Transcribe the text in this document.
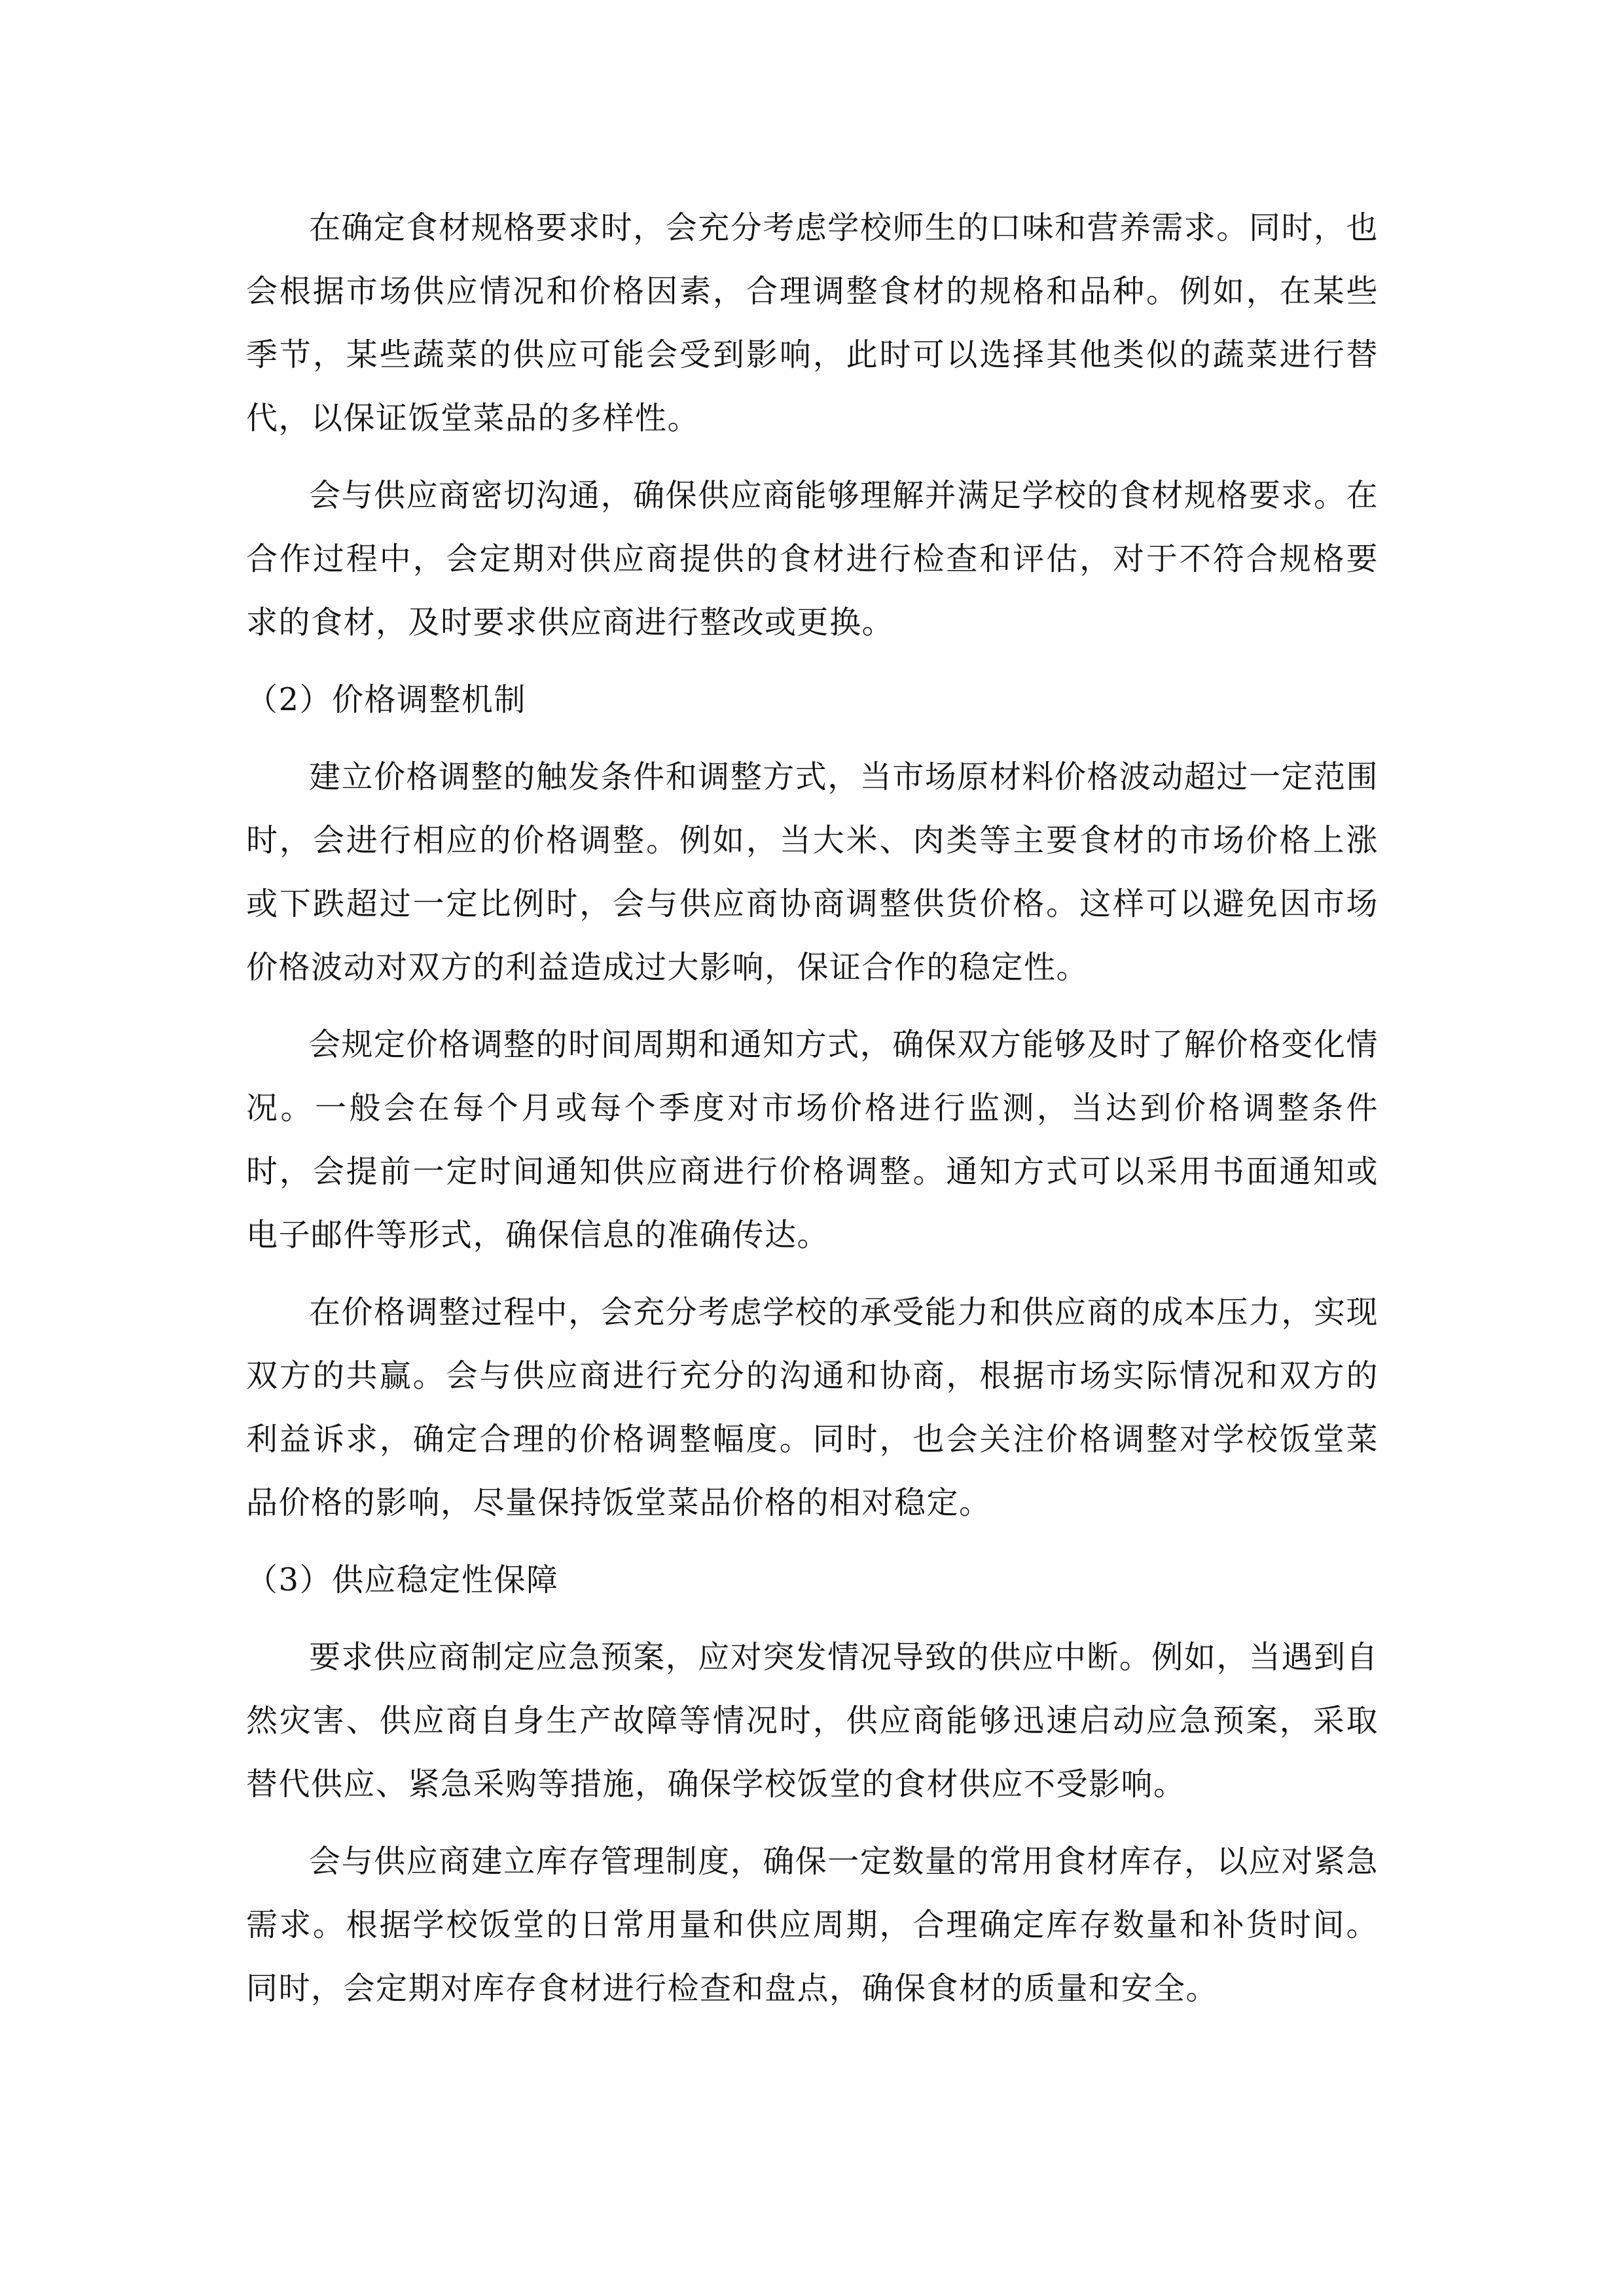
在确定食材规格要求时，会充分考虑学校师生的口味和营养需求。同时，也会根据市场供应情况和价格因素，合理调整食材的规格和品种。例如，在某些季节，某些蔬菜的供应可能会受到影响，此时可以选择其他类似的蔬菜进行替代，以保证饭堂菜品的多样性。

会与供应商密切沟通，确保供应商能够理解并满足学校的食材规格要求。在合作过程中，会定期对供应商提供的食材进行检查和评估，对于不符合规格要求的食材，及时要求供应商进行整改或更换。

（2）价格调整机制

建立价格调整的触发条件和调整方式，当市场原材料价格波动超过一定范围时，会进行相应的价格调整。例如，当大米、肉类等主要食材的市场价格上涨或下跌超过一定比例时，会与供应商协商调整供货价格。这样可以避免因市场价格波动对双方的利益造成过大影响，保证合作的稳定性。

会规定价格调整的时间周期和通知方式，确保双方能够及时了解价格变化情况。一般会在每个月或每个季度对市场价格进行监测，当达到价格调整条件时，会提前一定时间通知供应商进行价格调整。通知方式可以采用书面通知或电子邮件等形式，确保信息的准确传达。

在价格调整过程中，会充分考虑学校的承受能力和供应商的成本压力，实现双方的共赢。会与供应商进行充分的沟通和协商，根据市场实际情况和双方的利益诉求，确定合理的价格调整幅度。同时，也会关注价格调整对学校饭堂菜品价格的影响，尽量保持饭堂菜品价格的相对稳定。

（3）供应稳定性保障

要求供应商制定应急预案，应对突发情况导致的供应中断。例如，当遇到自然灾害、供应商自身生产故障等情况时，供应商能够迅速启动应急预案，采取替代供应、紧急采购等措施，确保学校饭堂的食材供应不受影响。

会与供应商建立库存管理制度，确保一定数量的常用食材库存，以应对紧急需求。根据学校饭堂的日常用量和供应周期，合理确定库存数量和补货时间。同时，会定期对库存食材进行检查和盘点，确保食材的质量和安全。
